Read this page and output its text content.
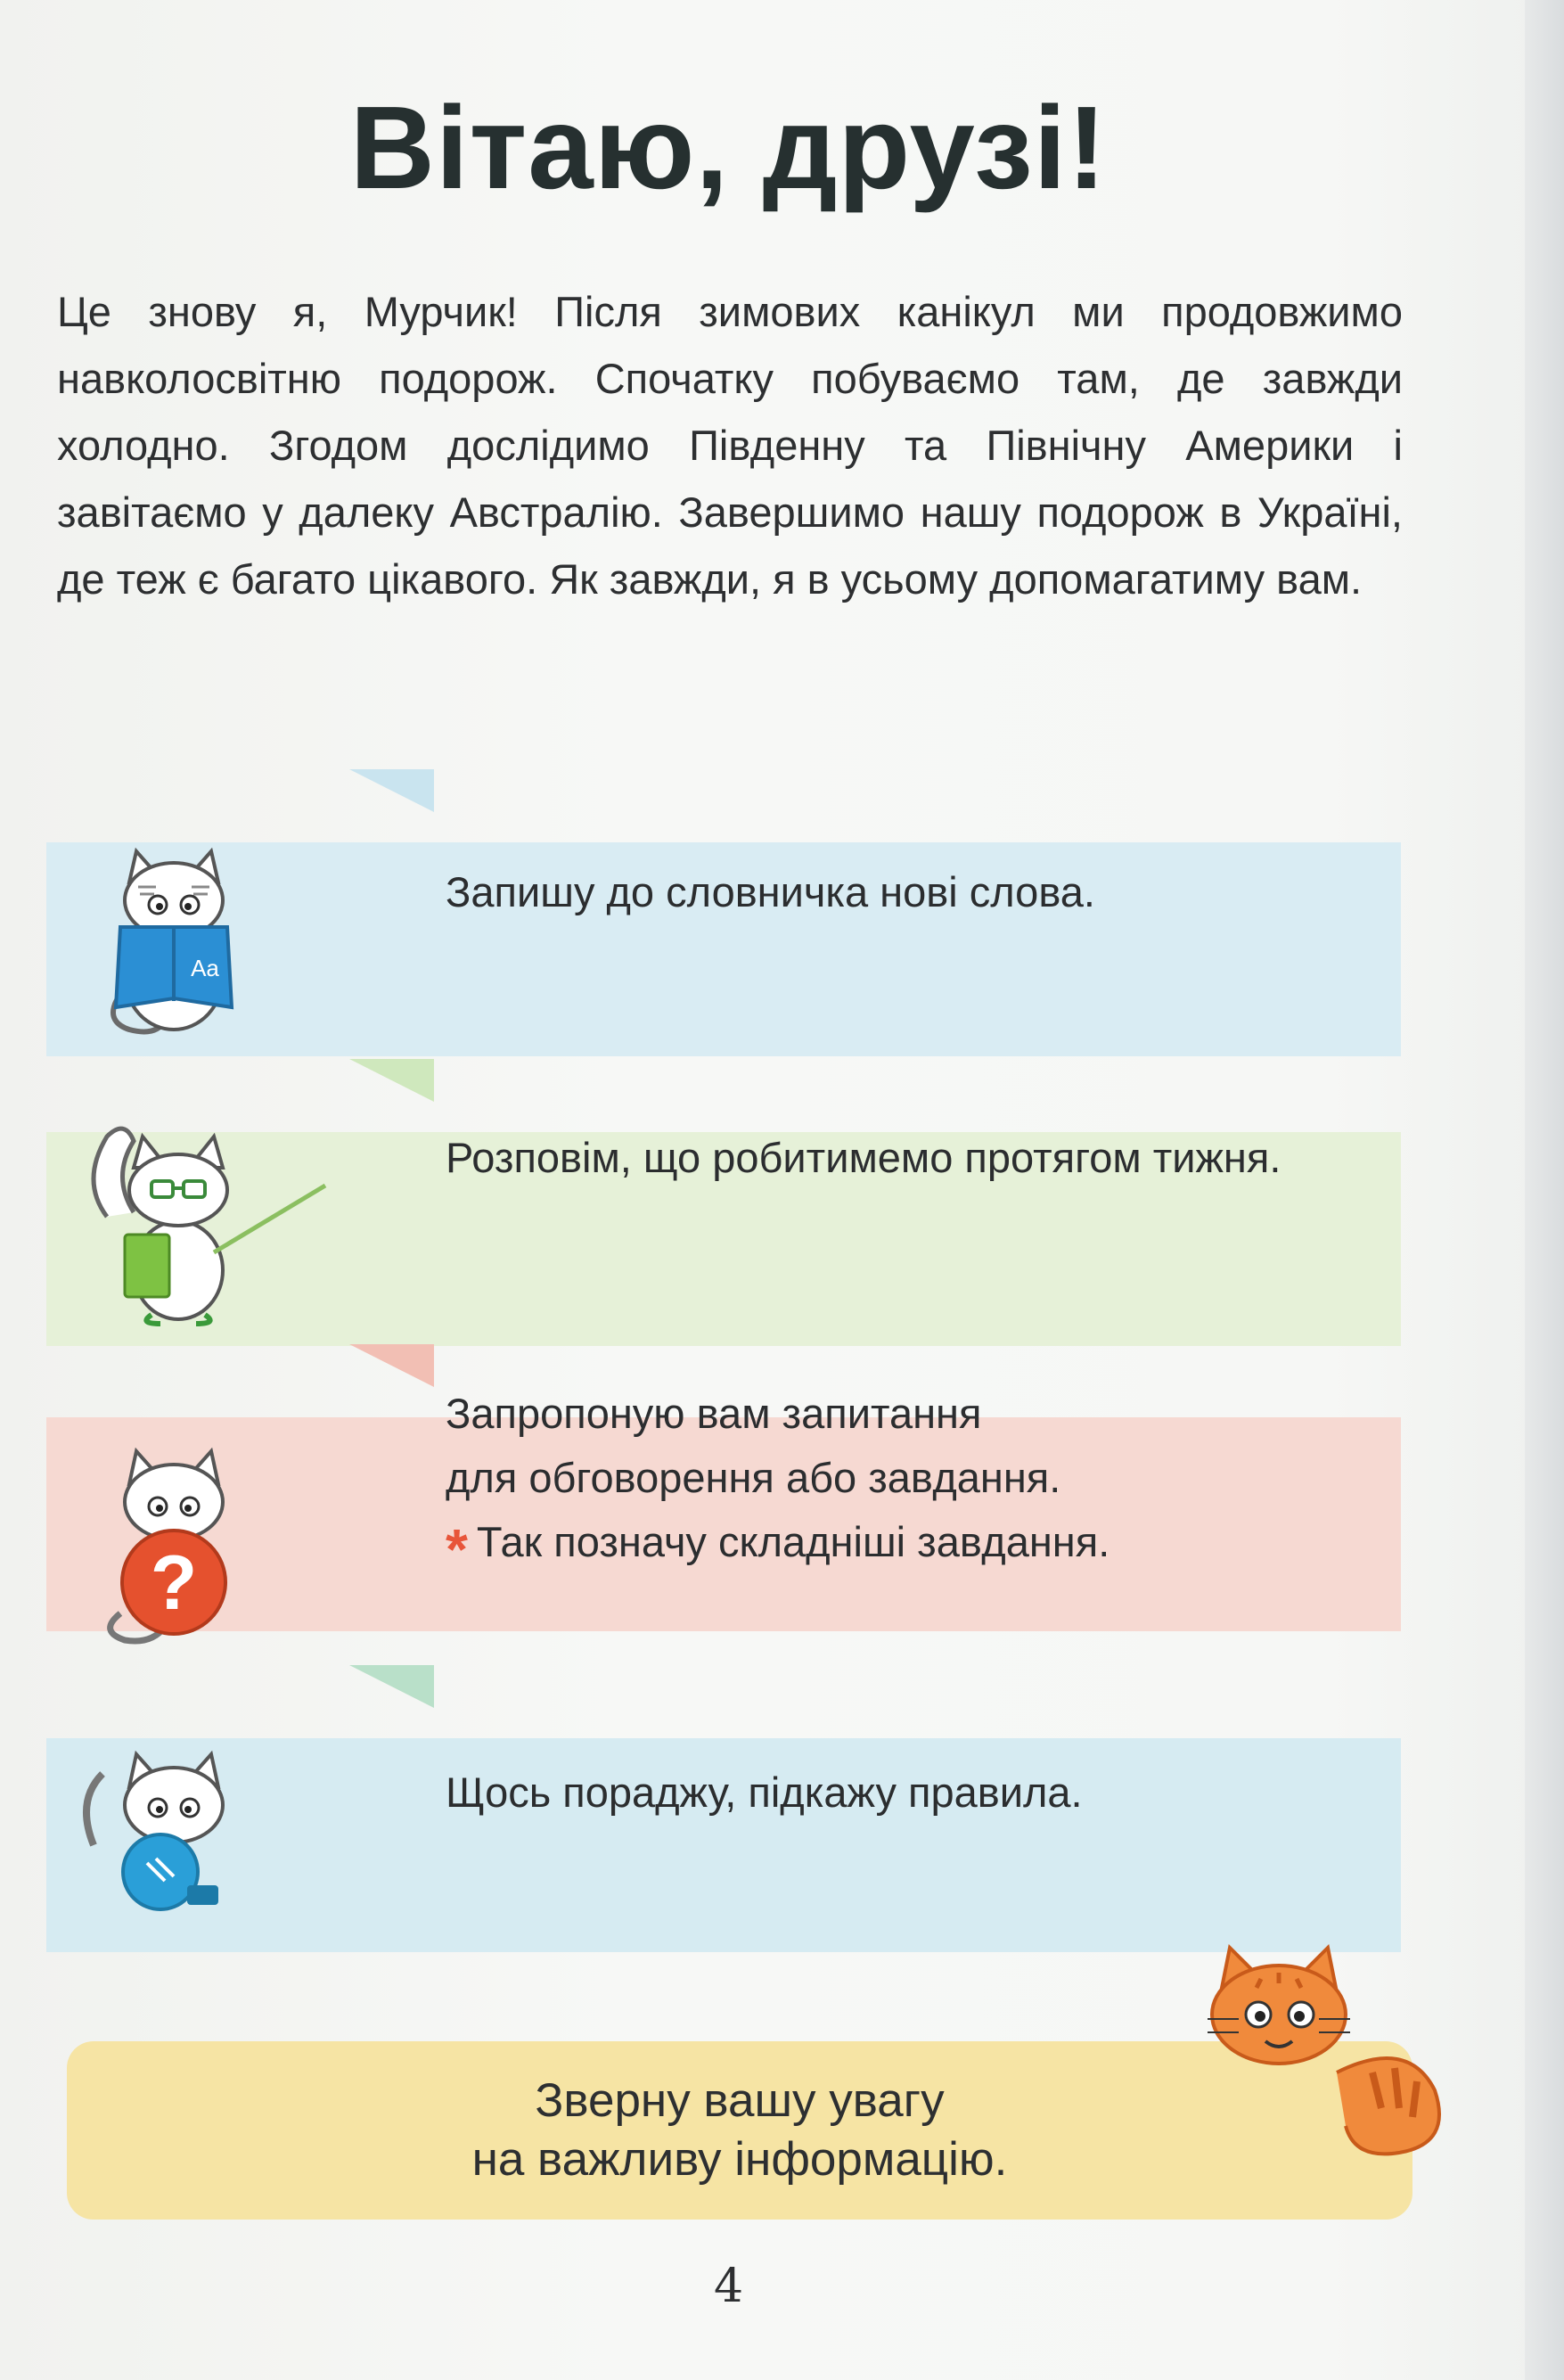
Вітаю, друзі!
Це знову я, Мурчик! Після зимових канікул ми продовжимо навколосвітню подорож. Спочатку побуваємо там, де завжди холодно. Згодом дослідимо Південну та Північну Америки і завітаємо у далеку Австралію. Завершимо нашу подорож в Україні, де теж є багато цікавого. Як завжди, я в усьому допомагатиму вам.
Aa
Запишу до словничка нові слова.
Розповім, що робитимемо протягом тижня.
?
Запропоную вам запитання
для обговорення або завдання.
* Так позначу складніші завдання.
Щось пораджу, підкажу правила.
Зверну вашу увагу
на важливу інформацію.
4
